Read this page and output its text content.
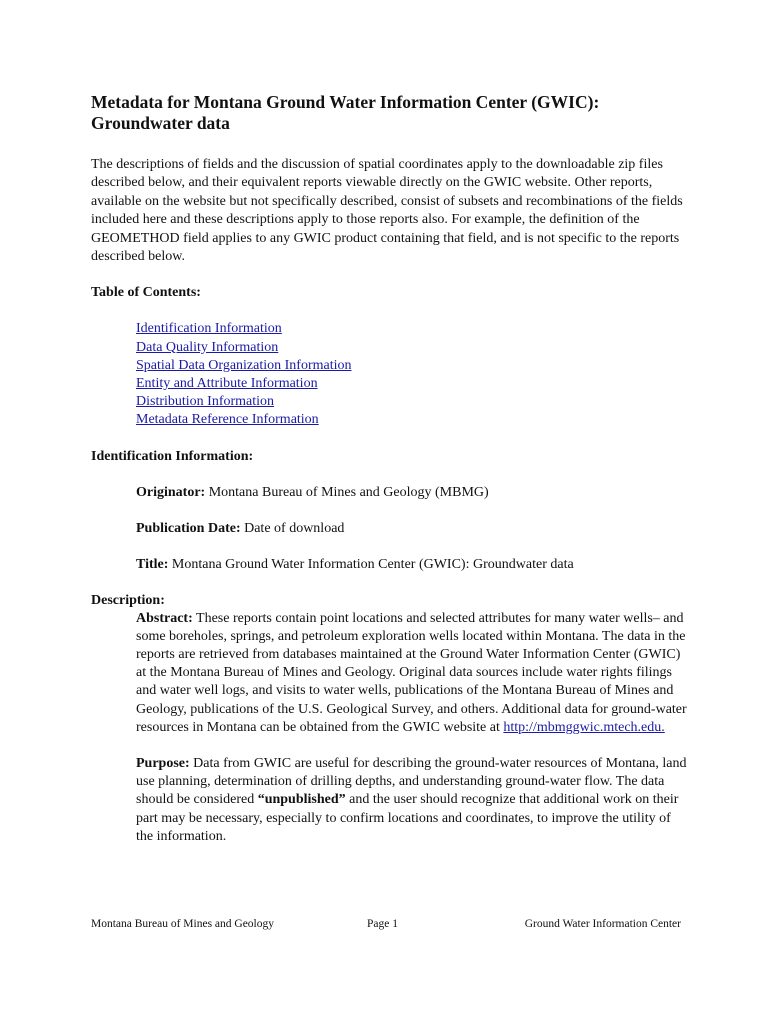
Metadata for Montana Ground Water Information Center (GWIC):
Groundwater data

The descriptions of fields and the discussion of spatial coordinates apply to the downloadable zip files described below, and their equivalent reports viewable directly on the GWIC website. Other reports, available on the website but not specifically described, consist of subsets and recombinations of the fields included here and these descriptions apply to those reports also. For example, the definition of the GEOMETHOD field applies to any GWIC product containing that field, and is not specific to the reports described below.

Table of Contents:
Identification Information
Data Quality Information
Spatial Data Organization Information
Entity and Attribute Information
Distribution Information
Metadata Reference Information
Identification Information:
Originator: Montana Bureau of Mines and Geology (MBMG)
Publication Date: Date of download
Title: Montana Ground Water Information Center (GWIC): Groundwater data
Description:
Abstract: These reports contain point locations and selected attributes for many water wells– and some boreholes, springs, and petroleum exploration wells located within Montana. The data in the reports are retrieved from databases maintained at the Ground Water Information Center (GWIC) at the Montana Bureau of Mines and Geology. Original data sources include water rights filings and water well logs, and visits to water wells, publications of the Montana Bureau of Mines and Geology, publications of the U.S. Geological Survey, and others. Additional data for ground-water resources in Montana can be obtained from the GWIC website at http://mbmggwic.mtech.edu.
Purpose: Data from GWIC are useful for describing the ground-water resources of Montana, land use planning, determination of drilling depths, and understanding ground-water flow. The data should be considered “unpublished” and the user should recognize that additional work on their part may be necessary, especially to confirm locations and coordinates, to improve the utility of the information.
Montana Bureau of Mines and Geology	Page 1	Ground Water Information Center
